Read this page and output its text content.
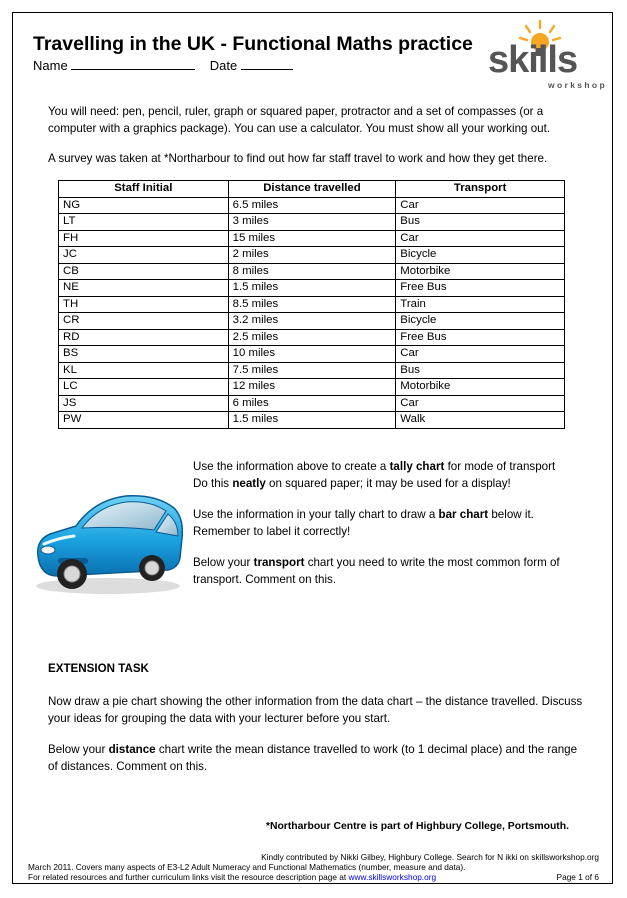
Travelling in the UK - Functional Maths practice
Name	Date	skills
w o r k s h o p

You will need: pen, pencil, ruler, graph or squared paper, protractor and a set of compasses (or a computer with a graphics package). You can use a calculator. You must show all your working out.

A survey was taken at *Northarbour to find out how far staff travel to work and how they get there.

Staff Initial	Distance travelled	Transport
NG	6.5 miles	Car
LT	3 miles	Bus
FH	15 miles	Car
JC	2 miles	Bicycle
CB	8 miles	Motorbike
NE	1.5 miles	Free Bus
TH	8.5 miles	Train
CR	3.2 miles	Bicycle
RD	2.5 miles	Free Bus
BS	10 miles	Car
KL	7.5 miles	Bus
LC	12 miles	Motorbike
JS	6 miles	Car
PW	1.5 miles	Walk

Use the information above to create a tally chart for mode of transport
Do this neatly on squared paper; it may be used for a display!

Use the information in your tally chart to draw a bar chart below it.
Remember to label it correctly!

Below your transport chart you need to write the most common form of transport. Comment on this.

EXTENSION TASK

Now draw a pie chart showing the other information from the data chart – the distance travelled. Discuss your ideas for grouping the data with your lecturer before you start.

Below your distance chart write the mean distance travelled to work (to 1 decimal place) and the range of distances. Comment on this.

*Northarbour Centre is part of Highbury College, Portsmouth.
Kindly contributed by Nikki Gilbey, Highbury College. Search for N ikki on skillsworkshop.org
March 2011. Covers many aspects of E3-L2 Adult Numeracy and Functional Mathematics (number, measure and data).
For related resources and further curriculum links visit the resource description page at www.skillsworkshop.org	Page 1 of 6
